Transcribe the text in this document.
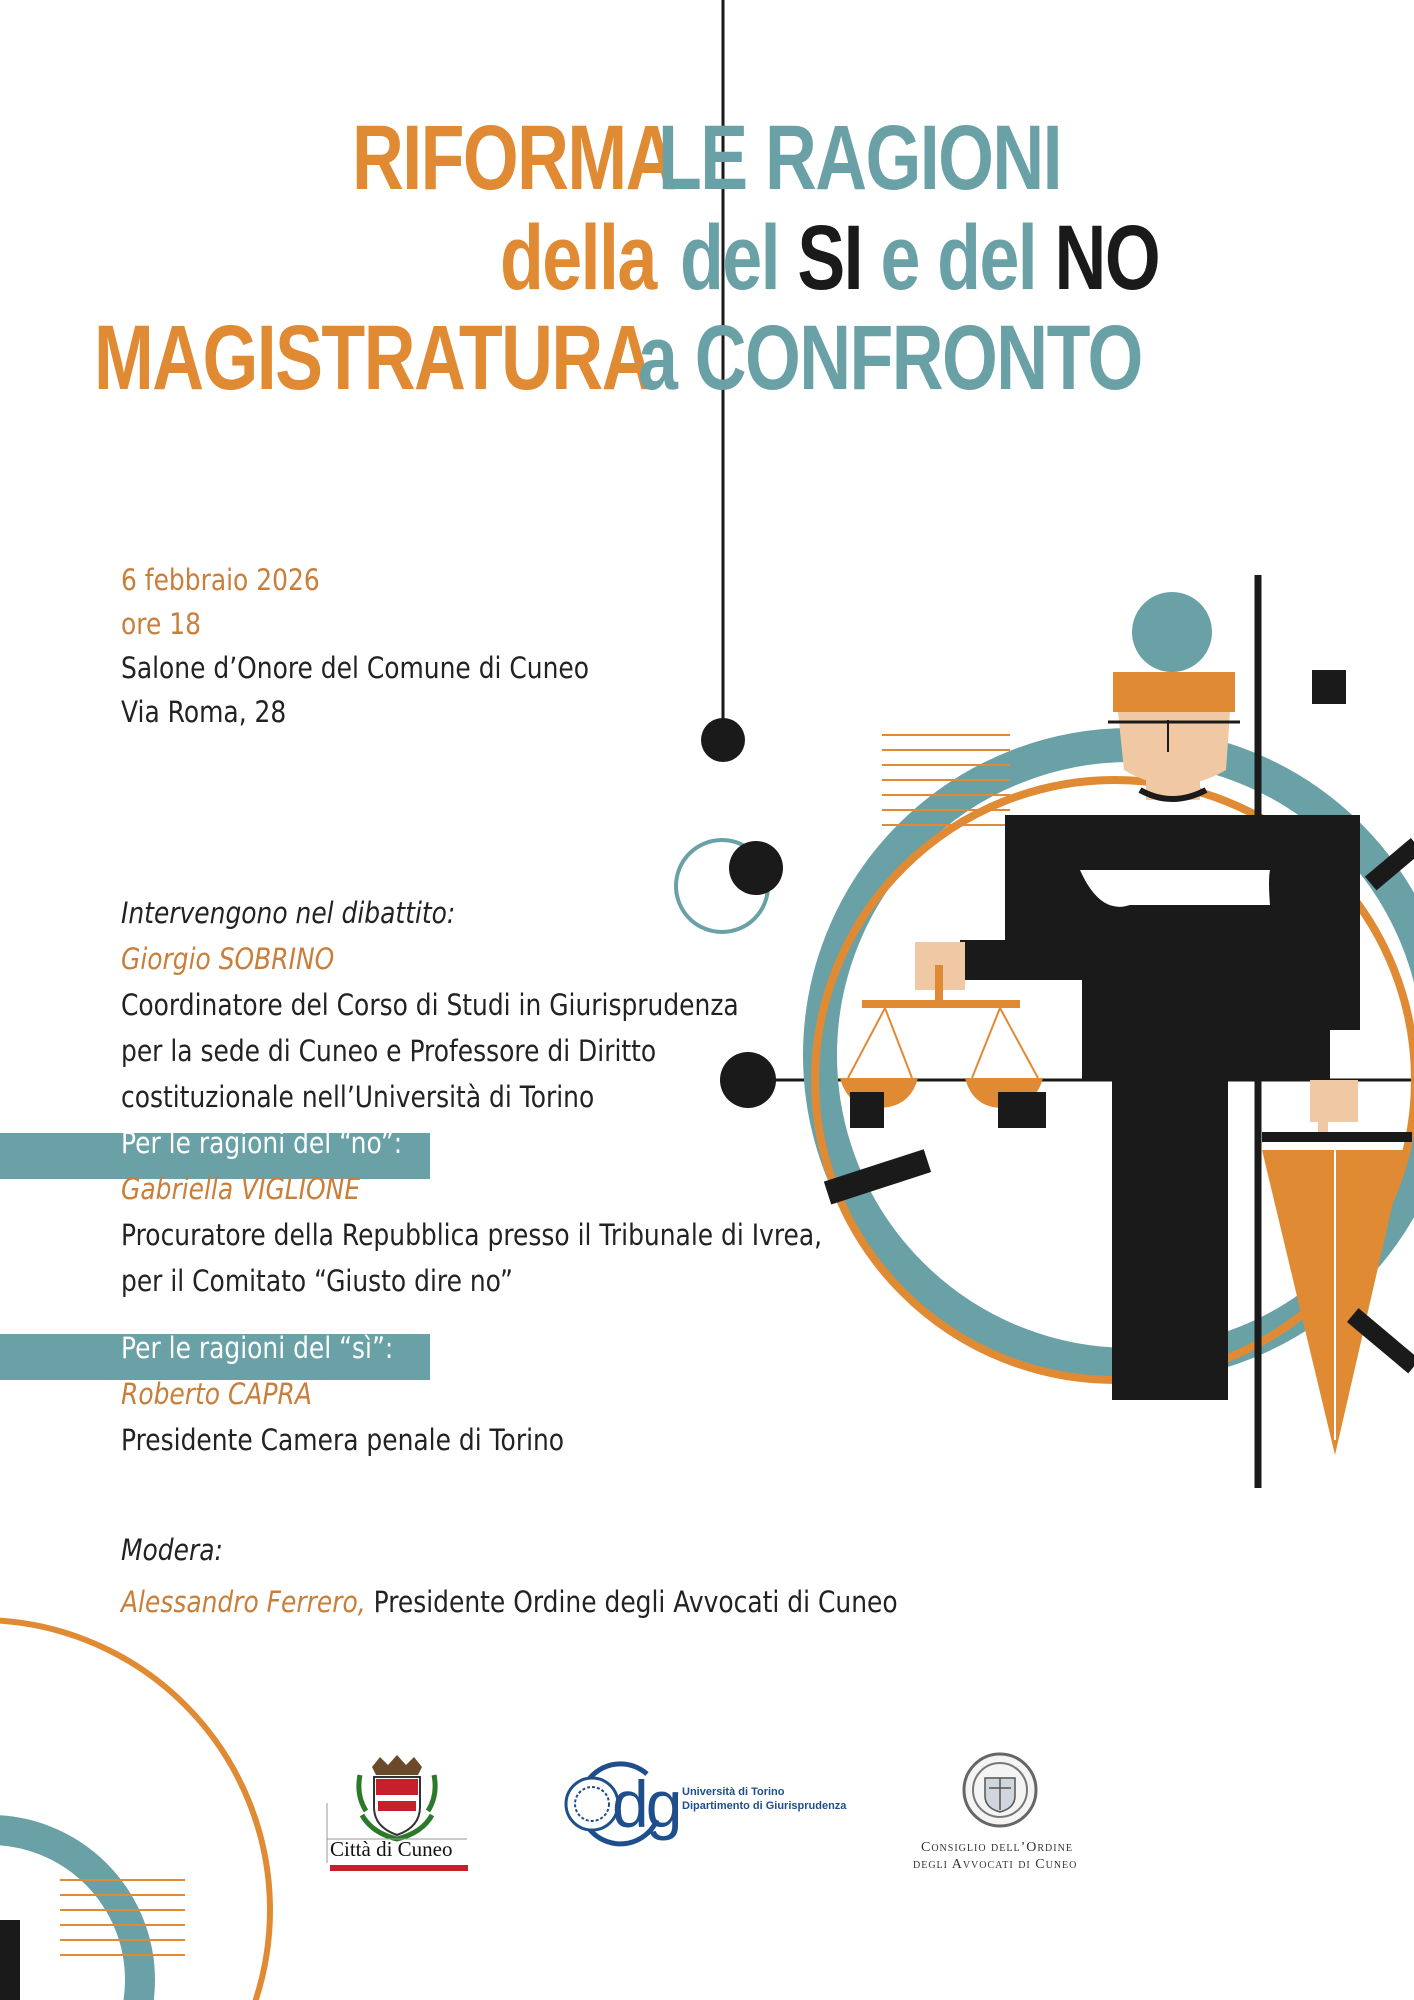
RIFORMA
LE RAGIONI
della del SI e del NO
MAGISTRATURA
a CONFRONTO
6 febbraio 2026
ore 18
Salone d’Onore del Comune di Cuneo
Via Roma, 28
Intervengono nel dibattito:
Giorgio SOBRINO
Coordinatore del Corso di Studi in Giurisprudenza
per la sede di Cuneo e Professore di Diritto
costituzionale nell’Università di Torino
Per le ragioni del “no”:
Gabriella VIGLIONE
Procuratore della Repubblica presso il Tribunale di Ivrea,
per il Comitato “Giusto dire no”
Per le ragioni del “sì”:
Roberto CAPRA
Presidente Camera penale di Torino
Modera:
Alessandro Ferrero, Presidente Ordine degli Avvocati di Cuneo
Città di Cuneo
dg Università di Torino
Dipartimento di Giurisprudenza
Consiglio dell’Ordine
degli Avvocati di Cuneo
